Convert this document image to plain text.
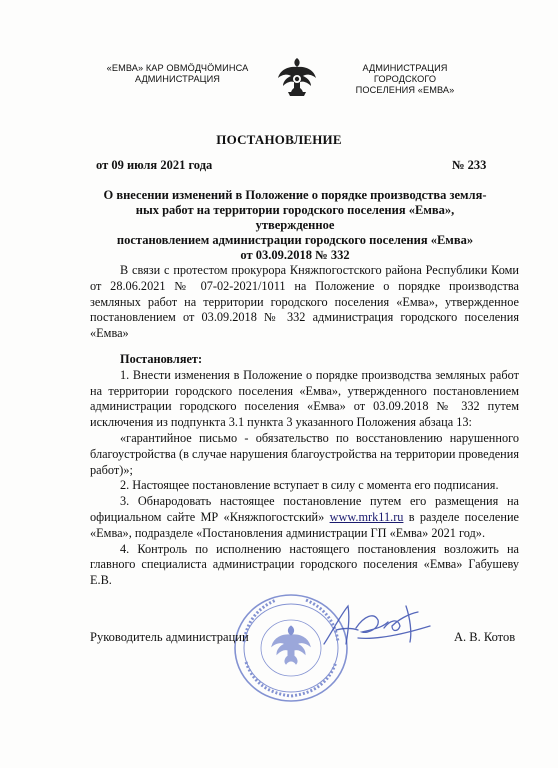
«ЕМВА» КАР ОВМÖДЧÖМИНСА
АДМИНИСТРАЦИЯ
АДМИНИСТРАЦИЯ ГОРОДСКОГО
ПОСЕЛЕНИЯ «ЕМВА»
ПОСТАНОВЛЕНИЕ
от 09 июля 2021 года	№ 233
О внесении изменений в Положение о порядке производства земля-
ных работ на территории городского поселения «Емва», утвержденное
постановлением администрации городского поселения «Емва»
от 03.09.2018 № 332

В связи с протестом прокурора Княжпогостского района Республики Коми от 28.06.2021 № 07-02-2021/1011 на Положение о порядке производства земляных работ на территории городского поселения «Емва», утвержденное постановлением от 03.09.2018 № 332 администрация городского поселения «Емва»

Постановляет:

1. Внести изменения в Положение о порядке производства земляных работ на территории городского поселения «Емва», утвержденного постановлением администрации городского поселения «Емва» от 03.09.2018 № 332 путем исключения из подпункта 3.1 пункта 3 указанного Положения абзаца 13:

«гарантийное письмо - обязательство по восстановлению нарушенного благоустройства (в случае нарушения благоустройства на территории проведения работ)»;

2. Настоящее постановление вступает в силу с момента его подписания.

3. Обнародовать настоящее постановление путем его размещения на официальном сайте МР «Княжпогостский» www.mrk11.ru в разделе поселение «Емва», подразделе «Постановления администрации ГП «Емва» 2021 год».

4. Контроль по исполнению настоящего постановления возложить на главного специалиста администрации городского поселения «Емва» Габушеву Е.В.

Руководитель администрации	А. В. Котов
